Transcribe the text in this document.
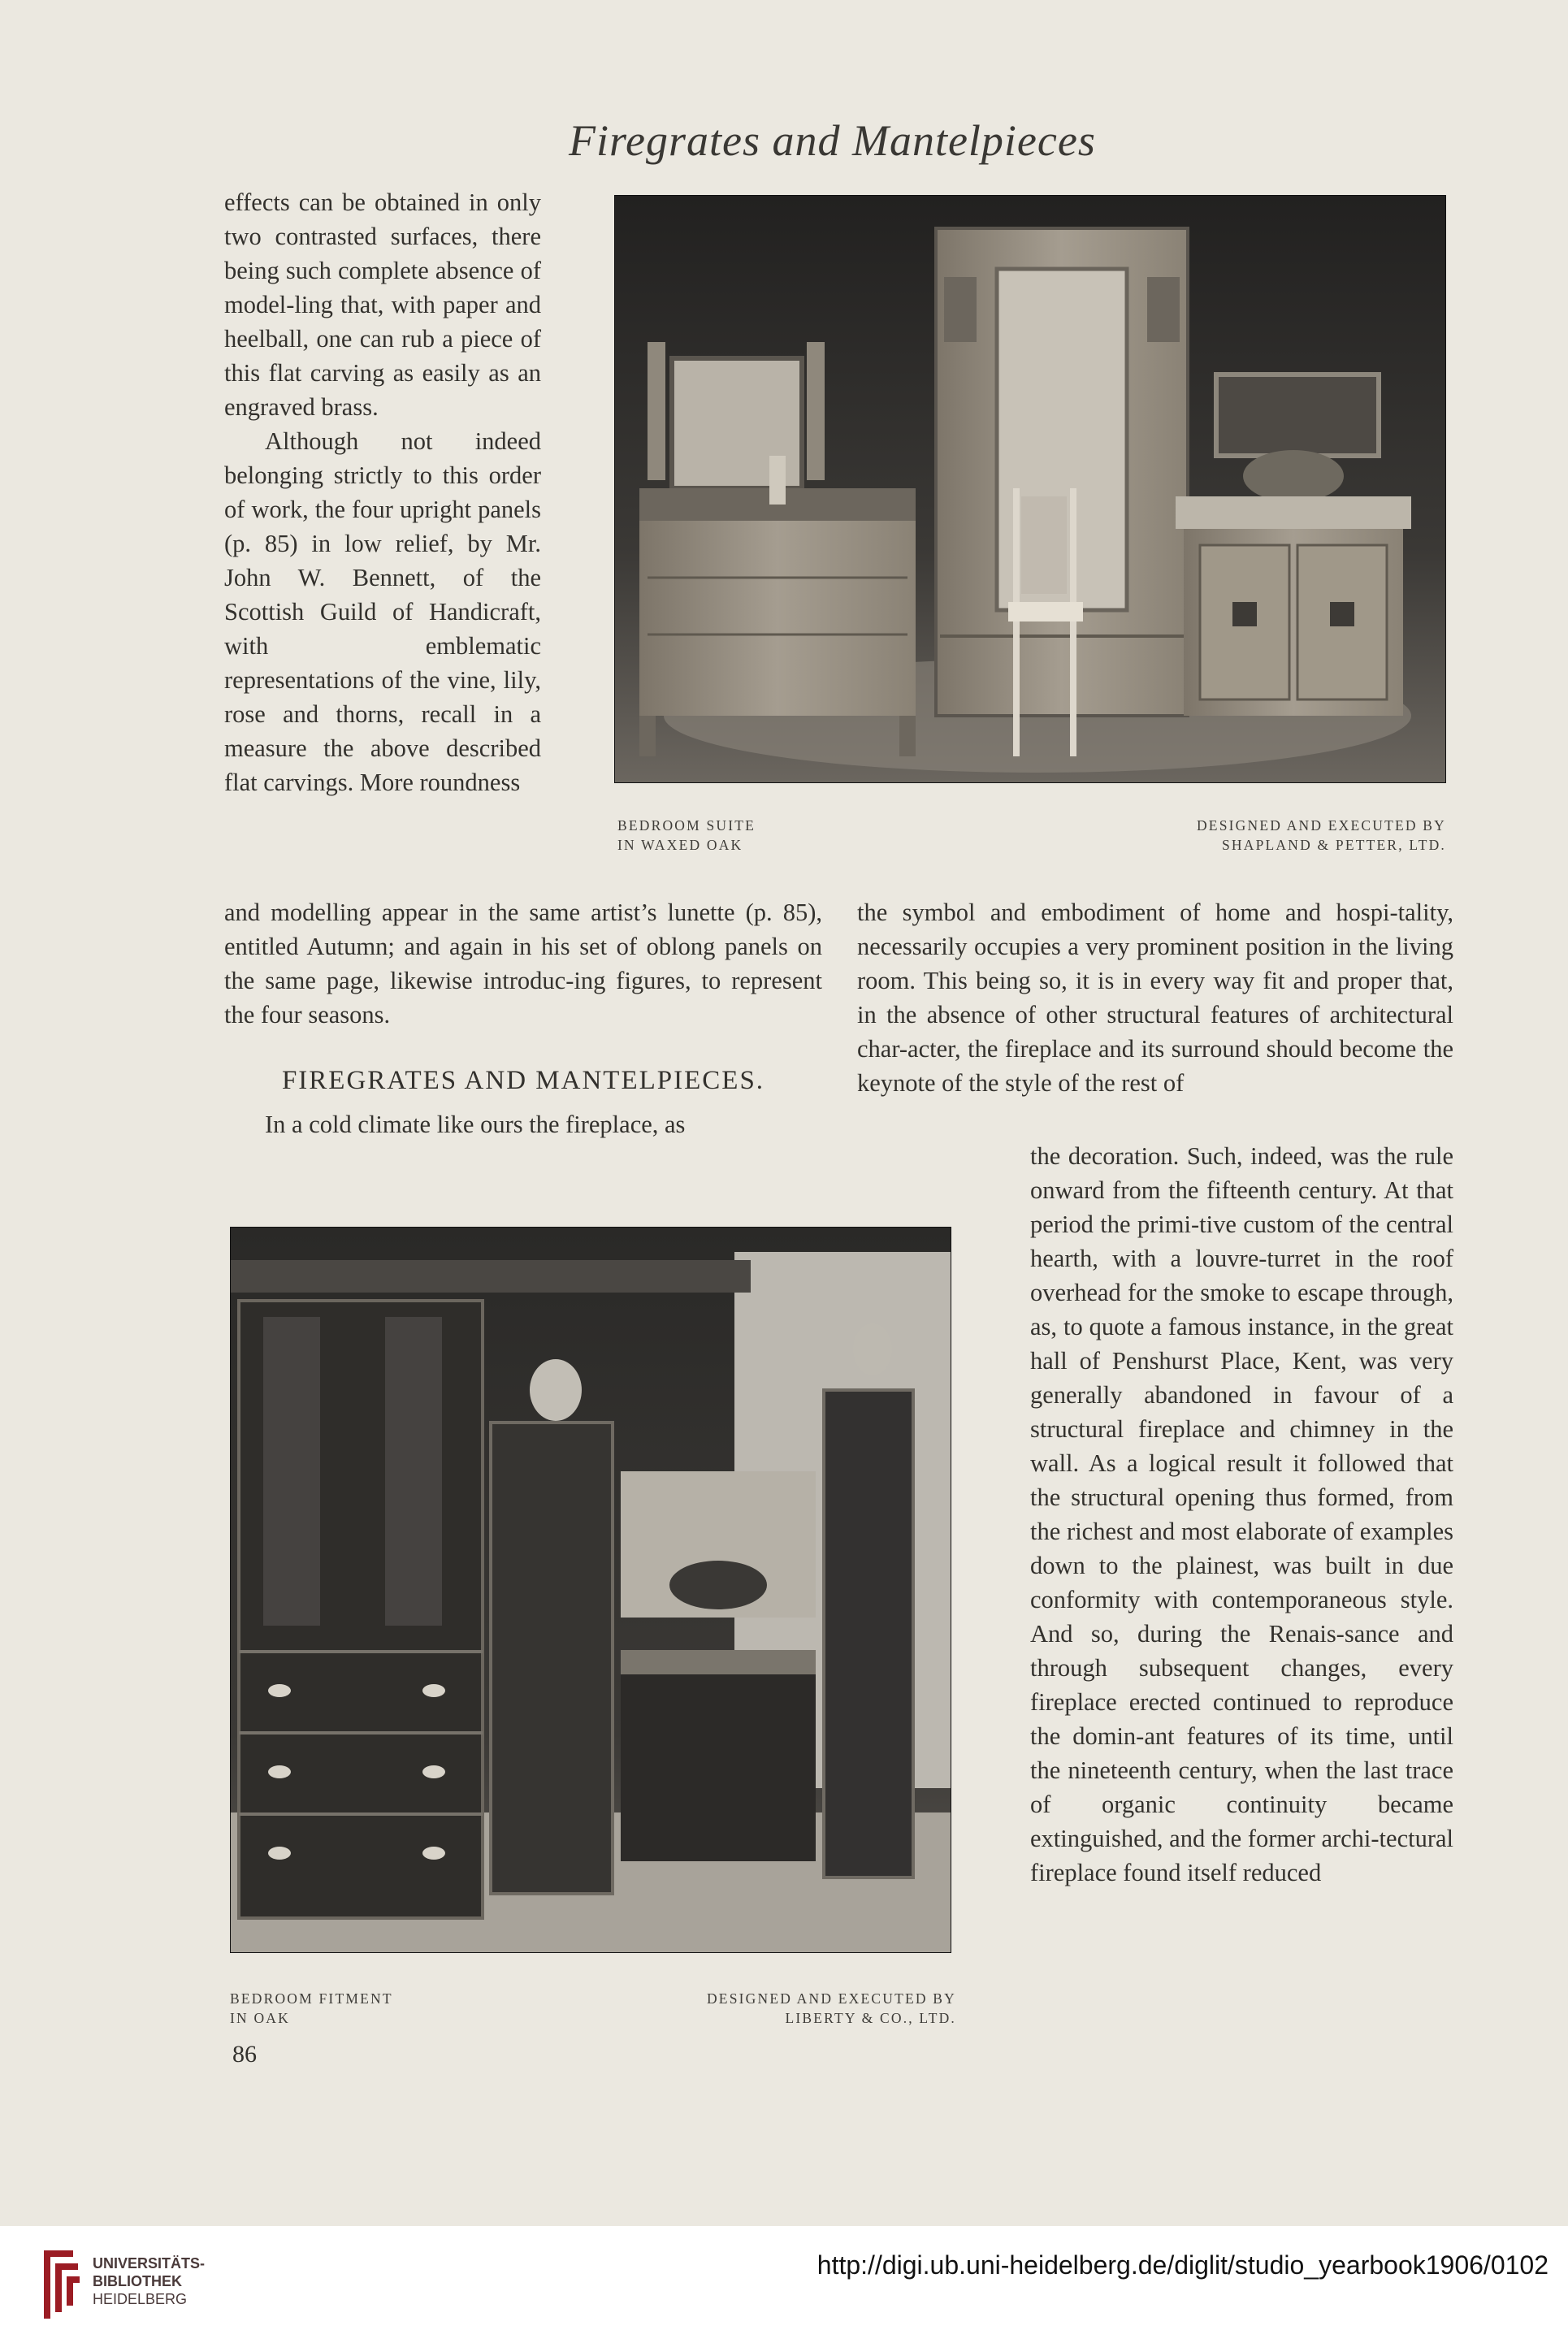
Firegrates and Mantelpieces

effects can be obtained in only two contrasted surfaces, there being such complete absence of model-ling that, with paper and heelball, one can rub a piece of this flat carving as easily as an engraved brass.

Although not indeed belonging strictly to this order of work, the four upright panels (p. 85) in low relief, by Mr. John W. Bennett, of the Scottish Guild of Handicraft, with emblematic representations of the vine, lily, rose and thorns, recall in a measure the above described flat carvings. More roundness

BEDROOM SUITE
IN WAXED OAK
DESIGNED AND EXECUTED BY
SHAPLAND & PETTER, LTD.

and modelling appear in the same artist’s lunette (p. 85), entitled Autumn; and again in his set of oblong panels on the same page, likewise introduc-ing figures, to represent the four seasons.

FIREGRATES AND MANTELPIECES.
In a cold climate like ours the fireplace, as

the symbol and embodiment of home and hospi-tality, necessarily occupies a very prominent position in the living room. This being so, it is in every way fit and proper that, in the absence of other structural features of architectural char-acter, the fireplace and its surround should become the keynote of the style of the rest of

the decoration. Such, indeed, was the rule onward from the fifteenth century. At that period the primi-tive custom of the central hearth, with a louvre-turret in the roof overhead for the smoke to escape through, as, to quote a famous instance, in the great hall of Penshurst Place, Kent, was very generally abandoned in favour of a structural fireplace and chimney in the wall. As a logical result it followed that the structural opening thus formed, from the richest and most elaborate of examples down to the plainest, was built in due conformity with contemporaneous style. And so, during the Renais-sance and through subsequent changes, every fireplace erected continued to reproduce the domin-ant features of its time, until the nineteenth century, when the last trace of organic continuity became extinguished, and the former archi-tectural fireplace found itself reduced

BEDROOM FITMENT
IN OAK
DESIGNED AND EXECUTED BY
LIBERTY & CO., LTD.
86
UNIVERSITÄTS-
BIBLIOTHEK
HEIDELBERG
http://digi.ub.uni-heidelberg.de/diglit/studio_yearbook1906/0102
